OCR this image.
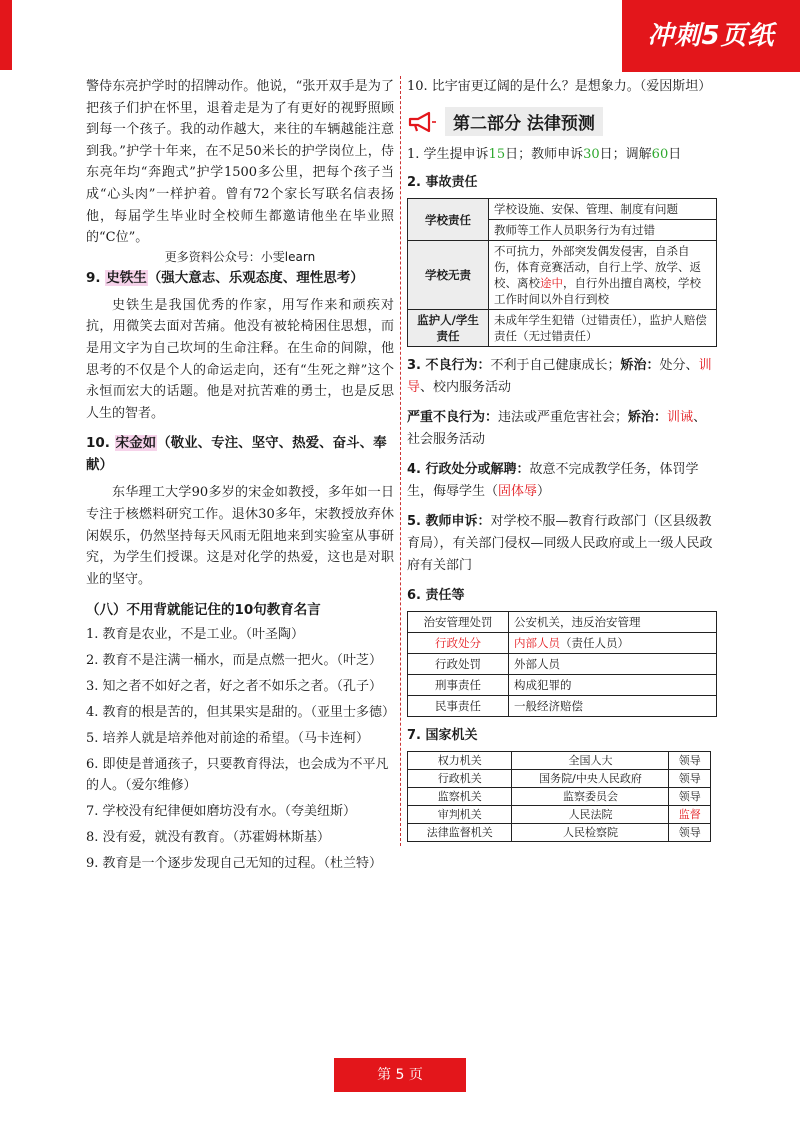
冲刺5页纸

警侍东亮护学时的招牌动作。他说，“张开双手是为了把孩子们护在怀里，退着走是为了有更好的视野照顾到每一个孩子。我的动作越大，来往的车辆越能注意到我。”护学十年来，在不足50米长的护学岗位上，侍东亮年均“奔跑式”护学1500多公里，把每个孩子当成“心头肉”一样护着。曾有72个家长写联名信表扬他，每届学生毕业时全校师生都邀请他坐在毕业照的“C位”。

更多资料公众号：小雯learn
9. 史铁生（强大意志、乐观态度、理性思考）

史铁生是我国优秀的作家，用写作来和顽疾对抗，用微笑去面对苦痛。他没有被轮椅困住思想，而是用文字为自己坎坷的生命注释。在生命的间隙，他思考的不仅是个人的命运走向，还有“生死之辩”这个永恒而宏大的话题。他是对抗苦难的勇士，也是反思人生的智者。

10. 宋金如（敬业、专注、坚守、热爱、奋斗、奉献）

东华理工大学90多岁的宋金如教授，多年如一日专注于核燃料研究工作。退休30多年，宋教授放弃休闲娱乐，仍然坚持每天风雨无阻地来到实验室从事研究，为学生们授课。这是对化学的热爱，这也是对职业的坚守。

（八）不用背就能记住的10句教育名言

1. 教育是农业，不是工业。（叶圣陶）

2. 教育不是注满一桶水，而是点燃一把火。（叶芝）

3. 知之者不如好之者，好之者不如乐之者。（孔子）

4. 教育的根是苦的，但其果实是甜的。（亚里士多德）

5. 培养人就是培养他对前途的希望。（马卡连柯）

6. 即使是普通孩子，只要教育得法，也会成为不平凡的人。（爱尔维修）

7. 学校没有纪律便如磨坊没有水。（夸美纽斯）

8. 没有爱，就没有教育。（苏霍姆林斯基）

9. 教育是一个逐步发现自己无知的过程。（杜兰特）

10. 比宇宙更辽阔的是什么？是想象力。（爱因斯坦）

第二部分 法律预测

1. 学生提申诉15日；教师申诉30日；调解60日

2. 事故责任

学校责任	学校设施、安保、管理、制度有问题
	教师等工作人员职务行为有过错
学校无责	不可抗力，外部突发偶发侵害，自杀自伤，体育竞赛活动，自行上学、放学、返校、离校途中，自行外出擅自离校，学校工作时间以外自行到校
监护人/学生责任	未成年学生犯错（过错责任），监护人赔偿责任（无过错责任）

3. 不良行为：不利于自己健康成长；矫治：处分、训导、校内服务活动

严重不良行为：违法或严重危害社会；矫治：训诫、社会服务活动

4. 行政处分或解聘：故意不完成教学任务，体罚学生，侮辱学生（固体辱）

5. 教师申诉：对学校不服—教育行政部门（区县级教育局），有关部门侵权—同级人民政府或上一级人民政府有关部门

6. 责任等

治安管理处罚	公安机关，违反治安管理
行政处分	内部人员（责任人员）
行政处罚	外部人员
刑事责任	构成犯罪的
民事责任	一般经济赔偿

7. 国家机关

权力机关	全国人大	领导
行政机关	国务院/中央人民政府	领导
监察机关	监察委员会	领导
审判机关	人民法院	监督
法律监督机关	人民检察院	领导
第 5 页
